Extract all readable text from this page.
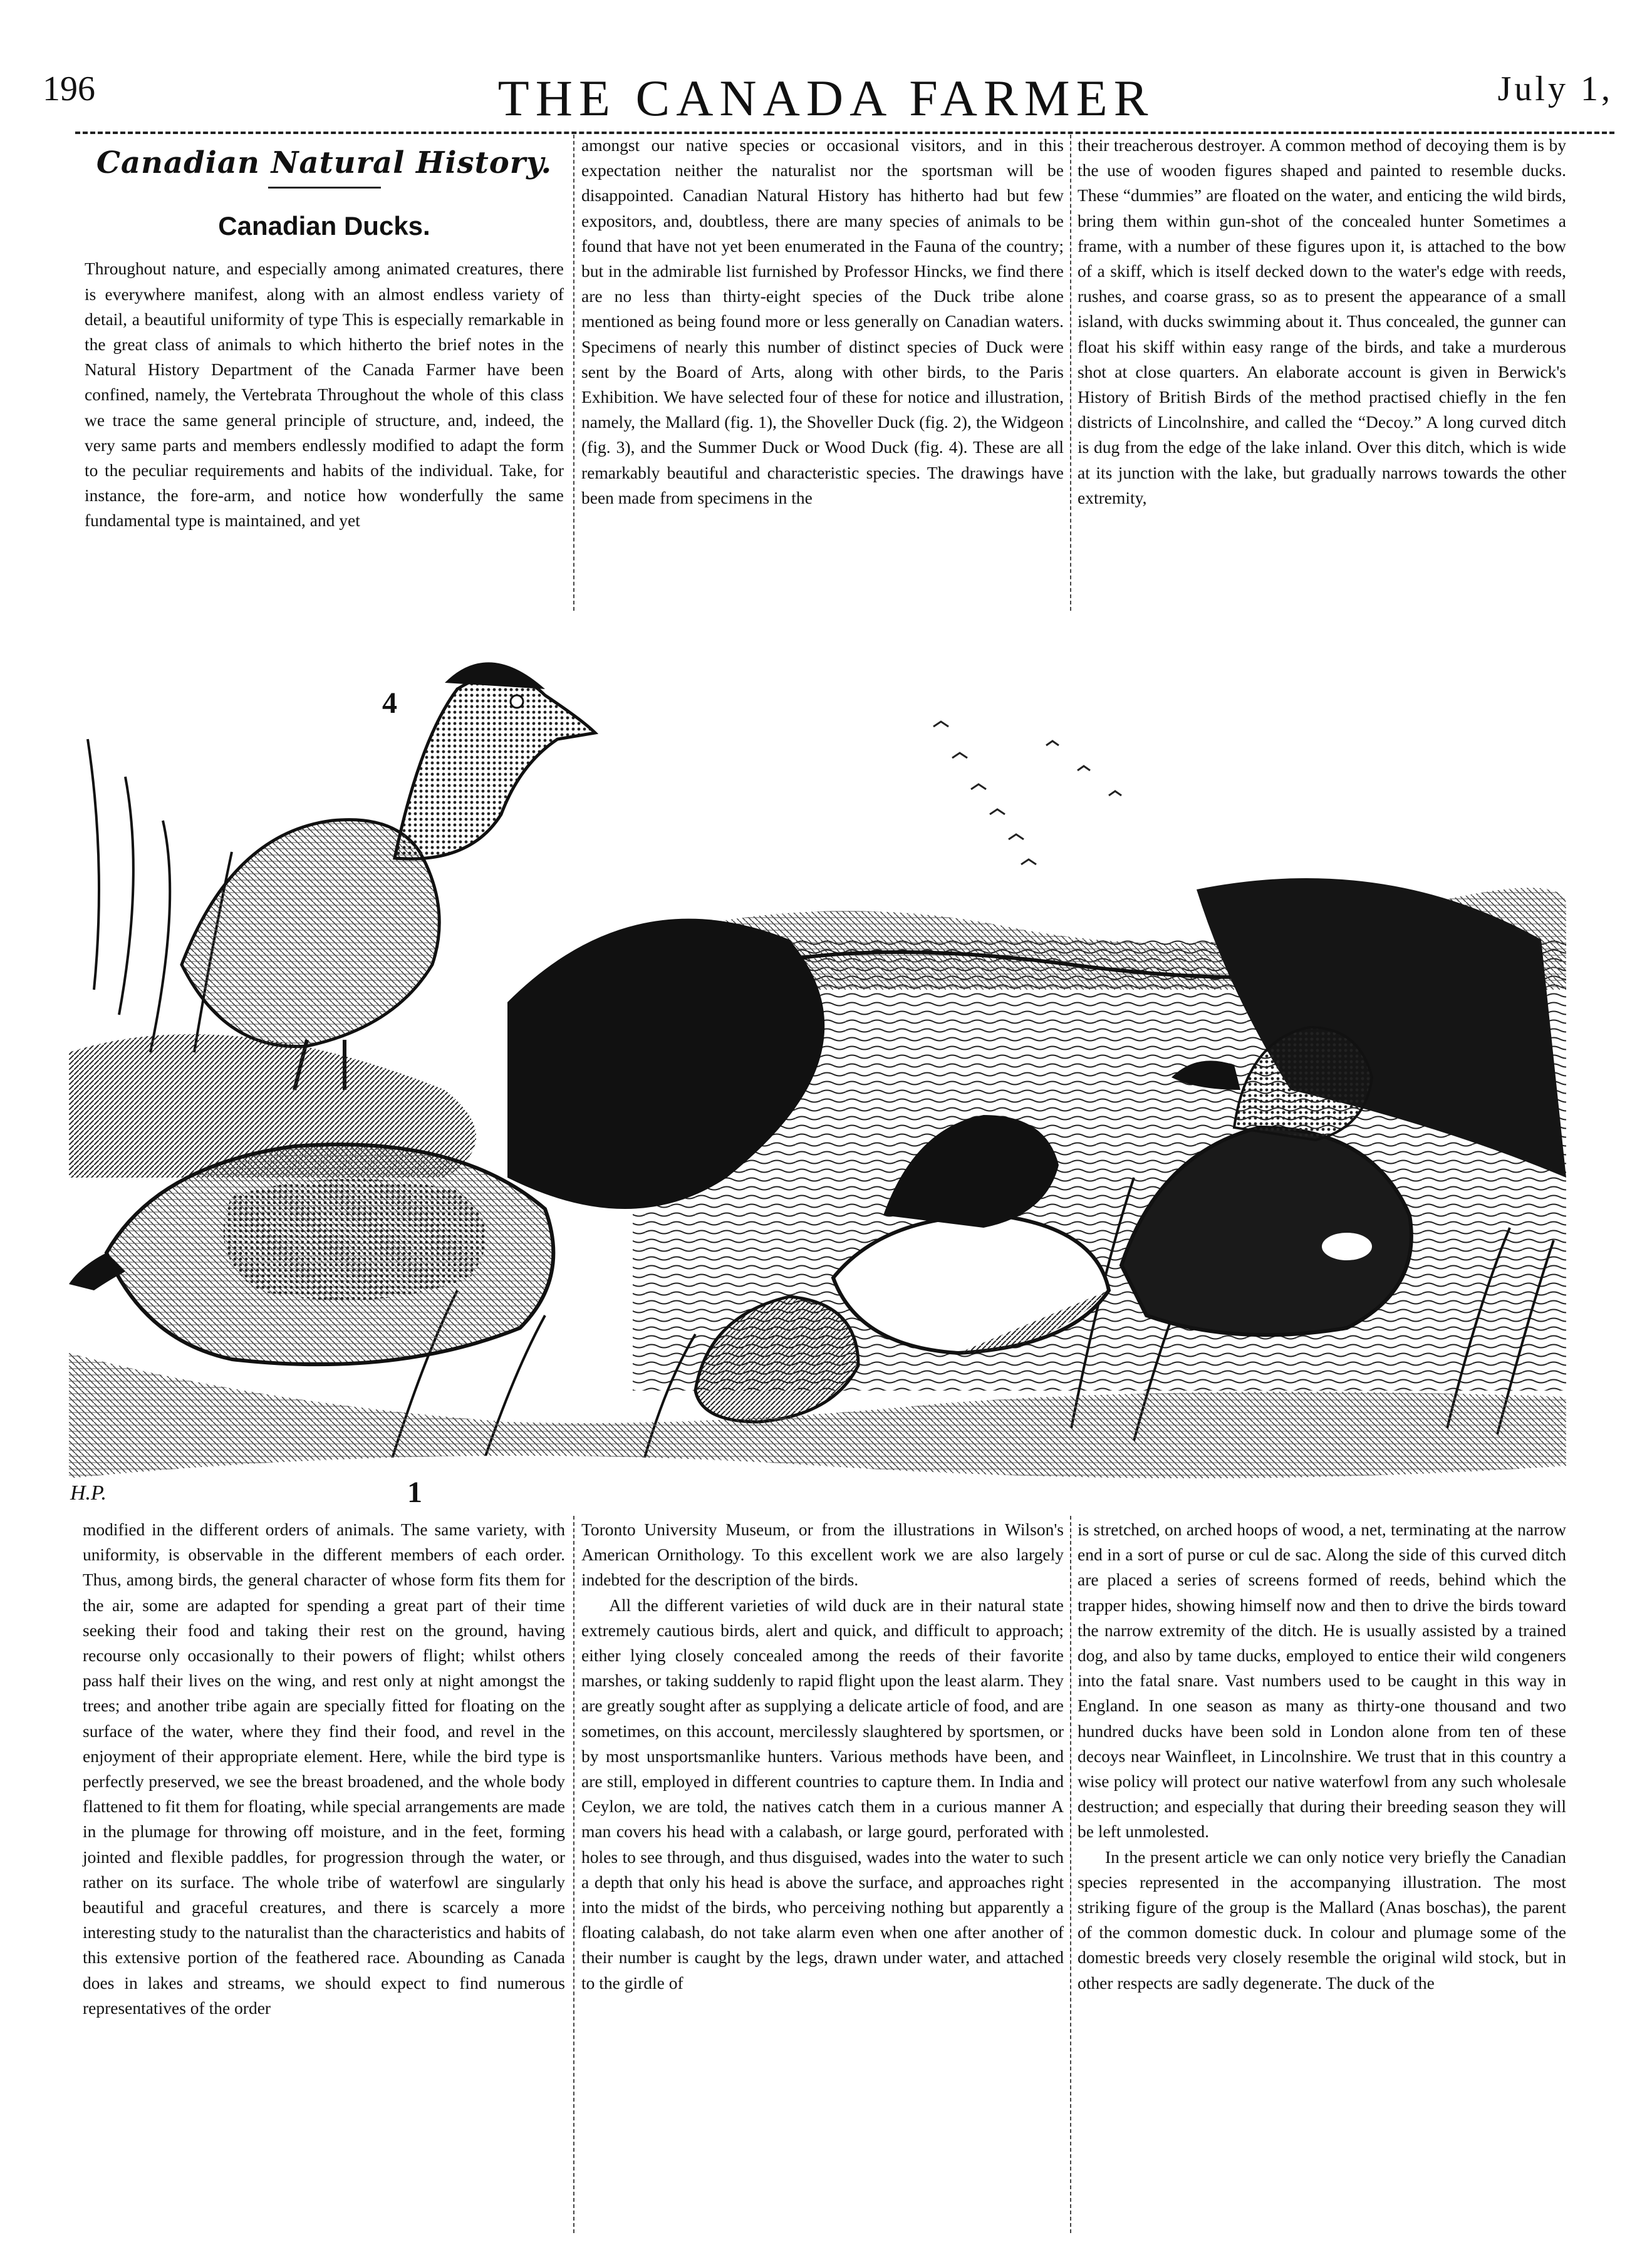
196	THE CANADA FARMER	July 1,
Canadian Natural History.
Canadian Ducks.

Throughout nature, and especially among animated creatures, there is everywhere manifest, along with an almost endless variety of detail, a beautiful uniformity of type This is especially remarkable in the great class of animals to which hitherto the brief notes in the Natural History Department of the Canada Farmer have been confined, namely, the Vertebrata Throughout the whole of this class we trace the same general principle of structure, and, indeed, the very same parts and members endlessly modified to adapt the form to the peculiar requirements and habits of the individual. Take, for instance, the fore-arm, and notice how wonderfully the same fundamental type is maintained, and yet

amongst our native species or occasional visitors, and in this expectation neither the naturalist nor the sportsman will be disappointed. Canadian Natural History has hitherto had but few expositors, and, doubtless, there are many species of animals to be found that have not yet been enumerated in the Fauna of the country; but in the admirable list furnished by Professor Hincks, we find there are no less than thirty-eight species of the Duck tribe alone mentioned as being found more or less generally on Canadian waters. Specimens of nearly this number of distinct species of Duck were sent by the Board of Arts, along with other birds, to the Paris Exhibition. We have selected four of these for notice and illustration, namely, the Mallard (fig. 1), the Shoveller Duck (fig. 2), the Widgeon (fig. 3), and the Summer Duck or Wood Duck (fig. 4). These are all remarkably beautiful and characteristic species. The drawings have been made from specimens in the

their treacherous destroyer. A common method of decoying them is by the use of wooden figures shaped and painted to resemble ducks. These “dummies” are floated on the water, and enticing the wild birds, bring them within gun-shot of the concealed hunter Sometimes a frame, with a number of these figures upon it, is attached to the bow of a skiff, which is itself decked down to the water's edge with reeds, rushes, and coarse grass, so as to present the appearance of a small island, with ducks swimming about it. Thus concealed, the gunner can float his skiff within easy range of the birds, and take a murderous shot at close quarters. An elaborate account is given in Berwick's History of British Birds of the method practised chiefly in the fen districts of Lincolnshire, and called the “Decoy.” A long curved ditch is dug from the edge of the lake inland. Over this ditch, which is wide at its junction with the lake, but gradually narrows towards the other extremity,

H.P.	1
4

modified in the different orders of animals. The same variety, with uniformity, is observable in the different members of each order. Thus, among birds, the general character of whose form fits them for the air, some are adapted for spending a great part of their time seeking their food and taking their rest on the ground, having recourse only occasionally to their powers of flight; whilst others pass half their lives on the wing, and rest only at night amongst the trees; and another tribe again are specially fitted for floating on the surface of the water, where they find their food, and revel in the enjoyment of their appropriate element. Here, while the bird type is perfectly preserved, we see the breast broadened, and the whole body flattened to fit them for floating, while special arrangements are made in the plumage for throwing off moisture, and in the feet, forming jointed and flexible paddles, for progression through the water, or rather on its surface. The whole tribe of waterfowl are singularly beautiful and graceful creatures, and there is scarcely a more interesting study to the naturalist than the characteristics and habits of this extensive portion of the feathered race. Abounding as Canada does in lakes and streams, we should expect to find numerous representatives of the order

Toronto University Museum, or from the illustrations in Wilson's American Ornithology. To this excellent work we are also largely indebted for the description of the birds.

All the different varieties of wild duck are in their natural state extremely cautious birds, alert and quick, and difficult to approach; either lying closely concealed among the reeds of their favorite marshes, or taking suddenly to rapid flight upon the least alarm. They are greatly sought after as supplying a delicate article of food, and are sometimes, on this account, mercilessly slaughtered by sportsmen, or by most unsportsmanlike hunters. Various methods have been, and are still, employed in different countries to capture them. In India and Ceylon, we are told, the natives catch them in a curious manner A man covers his head with a calabash, or large gourd, perforated with holes to see through, and thus disguised, wades into the water to such a depth that only his head is above the surface, and approaches right into the midst of the birds, who perceiving nothing but apparently a floating calabash, do not take alarm even when one after another of their number is caught by the legs, drawn under water, and attached to the girdle of

is stretched, on arched hoops of wood, a net, terminating at the narrow end in a sort of purse or cul de sac. Along the side of this curved ditch are placed a series of screens formed of reeds, behind which the trapper hides, showing himself now and then to drive the birds toward the narrow extremity of the ditch. He is usually assisted by a trained dog, and also by tame ducks, employed to entice their wild congeners into the fatal snare. Vast numbers used to be caught in this way in England. In one season as many as thirty-one thousand and two hundred ducks have been sold in London alone from ten of these decoys near Wainfleet, in Lincolnshire. We trust that in this country a wise policy will protect our native waterfowl from any such wholesale destruction; and especially that during their breeding season they will be left unmolested.

In the present article we can only notice very briefly the Canadian species represented in the accompanying illustration. The most striking figure of the group is the Mallard (Anas boschas), the parent of the common domestic duck. In colour and plumage some of the domestic breeds very closely resemble the original wild stock, but in other respects are sadly degenerate. The duck of the
